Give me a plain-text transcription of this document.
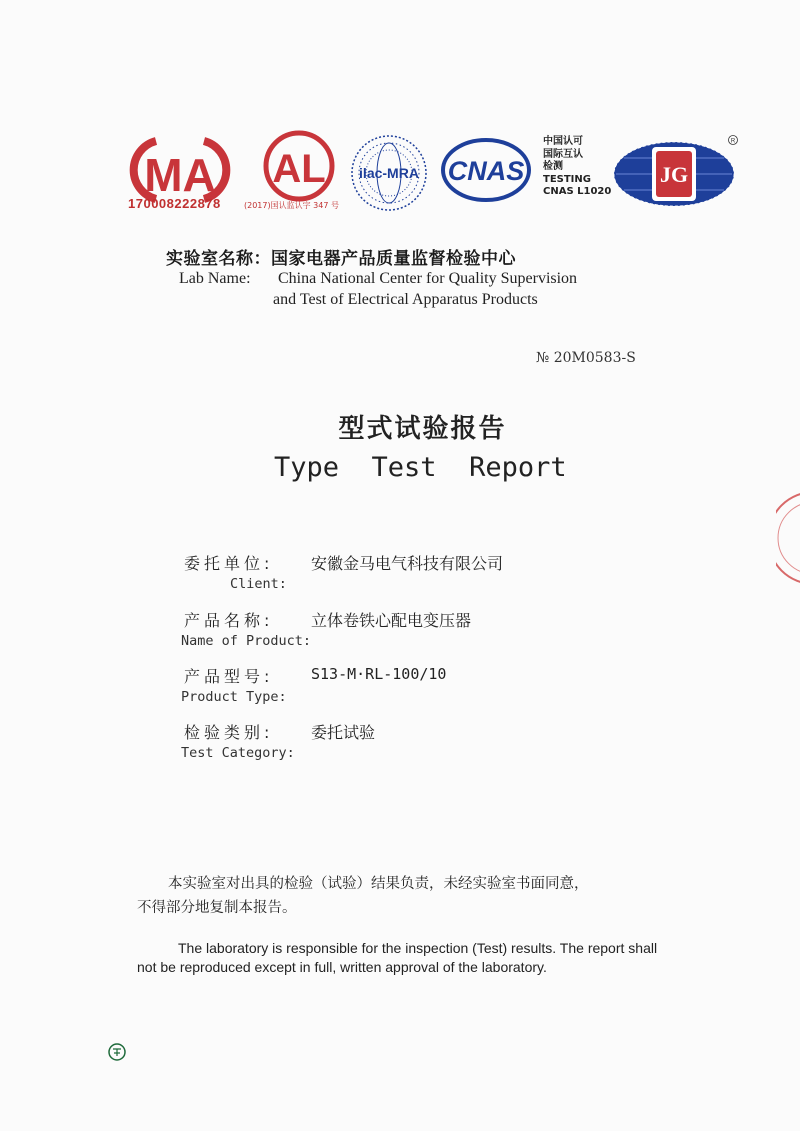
MA
170008222878
AL
(2017)国认监认字 347 号
ilac-MRA CNAS
中国认可
国际互认
检测
TESTING
CNAS L1020
JG
R
实验室名称：国家电器产品质量监督检验中心
Lab Name: China National Center for Quality Supervision
and Test of Electrical Apparatus Products
№ 20M0583-S
型式试验报告
Type  Test  Report
委托单位: 安徽金马电气科技有限公司
Client:
产品名称: 立体卷铁心配电变压器
Name of Product:
产品型号:	S13-M·RL-100/10
Product Type:
检验类别: 委托试验
Test Category:
本实验室对出具的检验（试验）结果负责，未经实验室书面同意，
不得部分地复制本报告。
The laboratory is responsible for the inspection (Test) results. The report shall
not be reproduced except in full, written approval of the laboratory.
